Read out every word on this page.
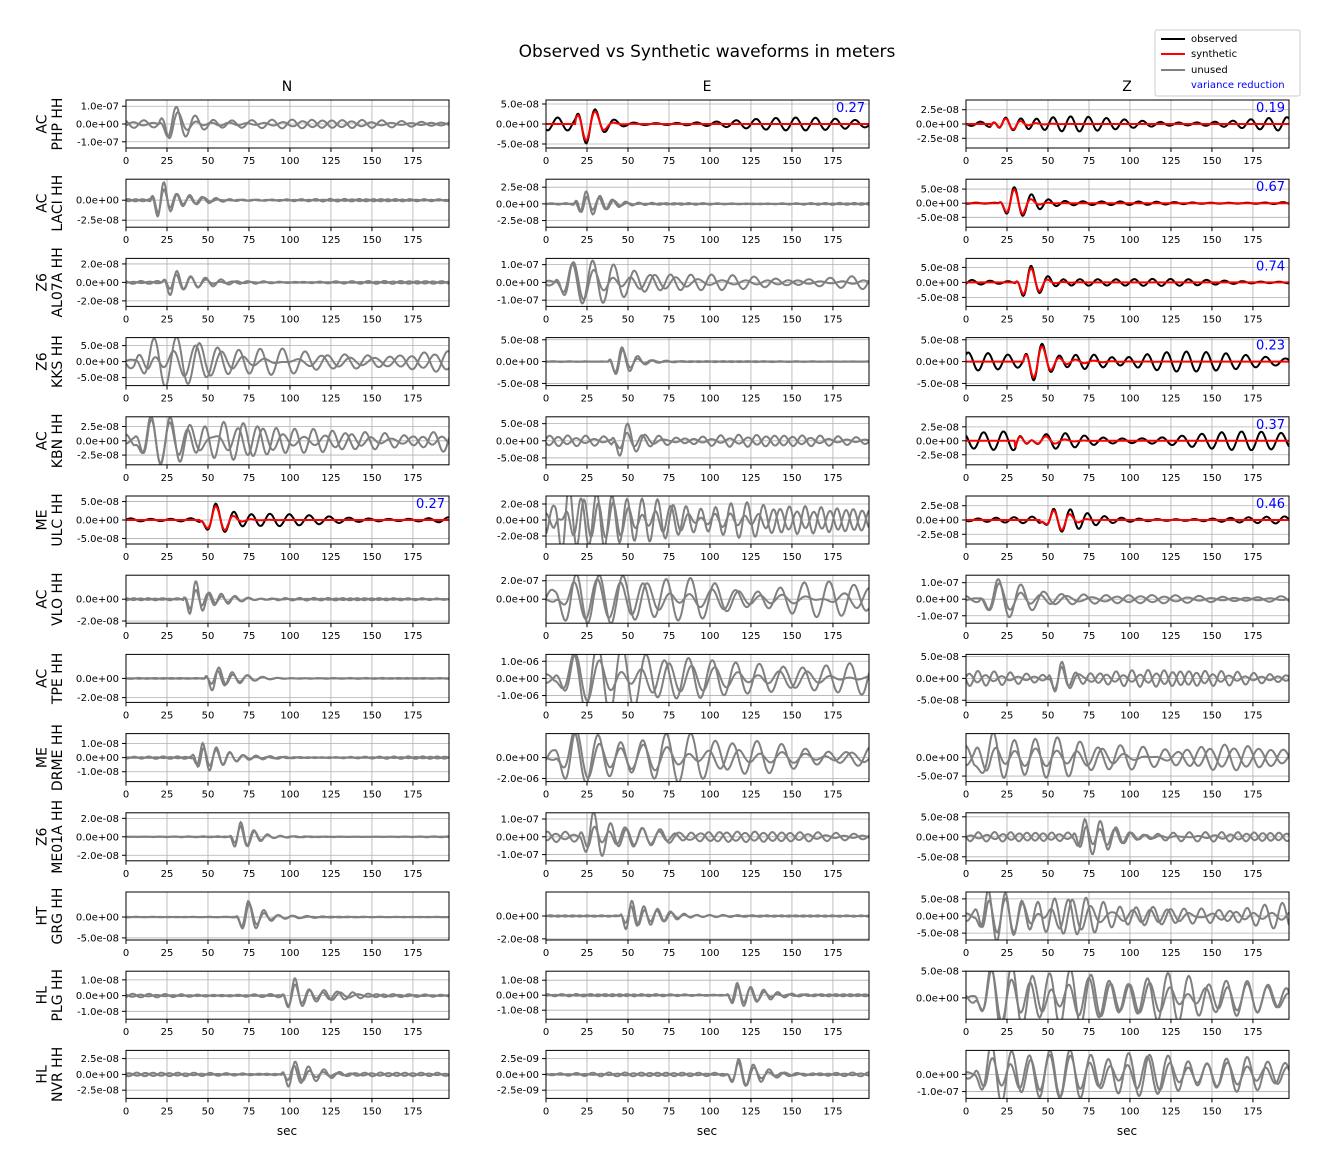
Observed vs Synthetic waveforms in meters
N	E	Z
ACPHP HH 1.0e-07
0.0e+00
-1.0e-07
0	25	50	75	100 125 150 175
5.0e-08
0.0e+00
-5.0e-08
0	25	50	75	100 125 150 175
0.27	2.5e-08
0.0e+00
-2.5e-08
0	25	50	75	100 125 150 175
0.19
ACLACI HH 0.0e+00
-2.5e-08
0	25	50	75	100 125 150 175
2.5e-08
0.0e+00
-2.5e-08
0	25	50	75	100 125 150 175
5.0e-08
0.0e+00
-5.0e-08
0	25	50	75	100 125 150 175
0.67
Z6AL07A HH 2.0e-08
0.0e+00
-2.0e-08
0	25	50	75	100 125 150 175
1.0e-07
0.0e+00
-1.0e-07
0	25	50	75	100 125 150 175
5.0e-08
0.0e+00
-5.0e-08
0	25	50	75	100 125 150 175
0.74
Z6KKS HH 5.0e-08
0.0e+00
-5.0e-08
0	25	50	75	100 125 150 175
5.0e-08
0.0e+00
-5.0e-08
0	25	50	75	100 125 150 175
5.0e-08
0.0e+00
-5.0e-08
0	25	50	75	100 125 150 175
0.23
ACKBN HH 2.5e-08
0.0e+00
-2.5e-08
0	25	50	75	100 125 150 175
5.0e-08
0.0e+00
-5.0e-08
0	25	50	75	100 125 150 175
2.5e-08
0.0e+00
-2.5e-08
0	25	50	75	100 125 150 175
0.37
MEULC HH 5.0e-08
0.0e+00
-5.0e-08
0	25	50	75	100 125 150 175
0.27	2.0e-08
0.0e+00
-2.0e-08
0	25	50	75	100 125 150 175
2.5e-08
0.0e+00
-2.5e-08
0	25	50	75	100 125 150 175
0.46
ACVLO HH 0.0e+00
-2.0e-08
0	25	50	75	100 125 150 175
2.0e-07
0.0e+00
0	25	50	75	100 125 150 175
1.0e-07
0.0e+00
-1.0e-07
0	25	50	75	100 125 150 175
ACTPE HH 0.0e+00
-2.0e-08
0	25	50	75	100 125 150 175
1.0e-06
0.0e+00
-1.0e-06
0	25	50	75	100 125 150 175
5.0e-08
0.0e+00
-5.0e-08
0	25	50	75	100 125 150 175
MEDRME HH 1.0e-08
0.0e+00
-1.0e-08
0	25	50	75	100 125 150 175
0.0e+00
-2.0e-06
0	25	50	75	100 125 150 175
0.0e+00
-5.0e-07
0	25	50	75	100 125 150 175
Z6ME01A HH 2.0e-08
0.0e+00
-2.0e-08
0	25	50	75	100 125 150 175
1.0e-07
0.0e+00
-1.0e-07
0	25	50	75	100 125 150 175
5.0e-08
0.0e+00
-5.0e-08
0	25	50	75	100 125 150 175
HTGRG HH 0.0e+00
-5.0e-08
0	25	50	75	100 125 150 175
0.0e+00
-2.0e-08
0	25	50	75	100 125 150 175
5.0e-08
0.0e+00
-5.0e-08
0	25	50	75	100 125 150 175
HLPLG HH 1.0e-08
0.0e+00
-1.0e-08
0	25	50	75	100 125 150 175
1.0e-08
0.0e+00
-1.0e-08
0	25	50	75	100 125 150 175
5.0e-08
0.0e+00
0	25	50	75	100 125 150 175
HLNVR HH 2.5e-08
0.0e+00
-2.5e-08
0	25	50	75	100 125 150 175
2.5e-09
0.0e+00
-2.5e-09
0	25	50	75	100 125 150 175
0.0e+00
-1.0e-07
0	25	50	75	100 125 150 175
sec	sec	sec
observed
synthetic
unused
variance reduction
